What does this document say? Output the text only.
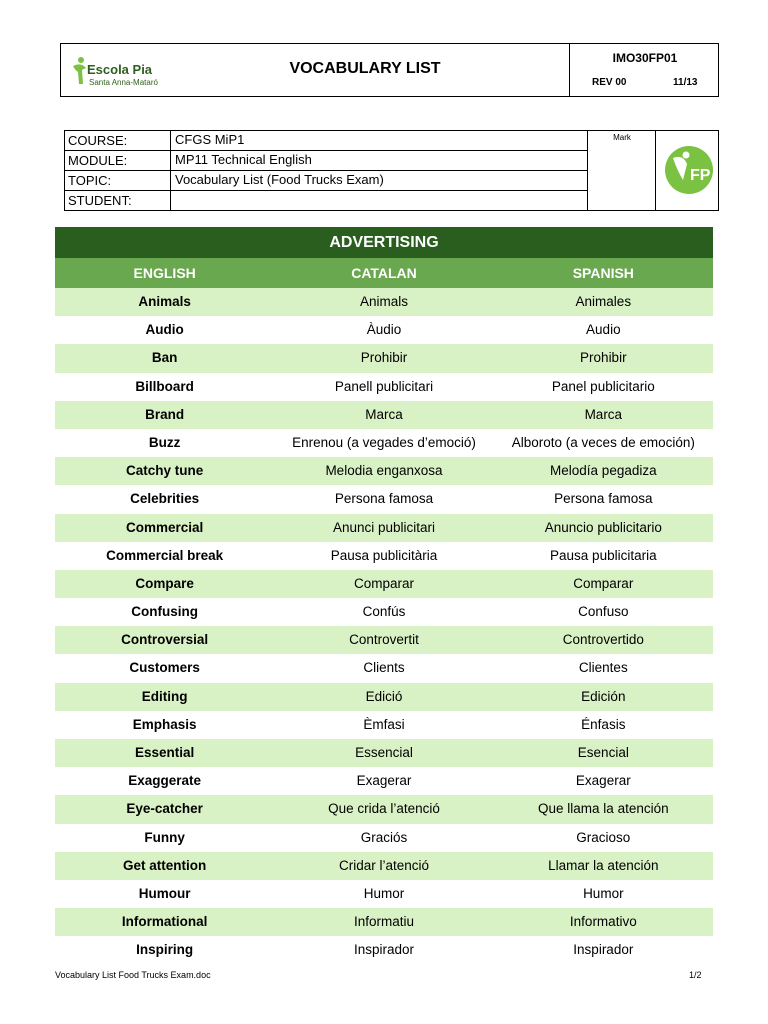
Escola Pia
Santa Anna-Mataró
VOCABULARY LIST
IMO30FP01
REV 00	11/13
COURSE:	CFGS MiP1
MODULE:	MP11 Technical English
TOPIC:	Vocabulary List (Food Trucks Exam)
STUDENT:
Mark
FP
ADVERTISING
ENGLISH	CATALAN	SPANISH
Animals	Animals	Animales
Audio	Àudio	Audio
Ban	Prohibir	Prohibir
Billboard	Panell publicitari	Panel publicitario
Brand	Marca	Marca
Buzz	Enrenou (a vegades d’emoció)	Alboroto (a veces de emoción)
Catchy tune	Melodia enganxosa	Melodía pegadiza
Celebrities	Persona famosa	Persona famosa
Commercial	Anunci publicitari	Anuncio publicitario
Commercial break	Pausa publicitària	Pausa publicitaria
Compare	Comparar	Comparar
Confusing	Confús	Confuso
Controversial	Controvertit	Controvertido
Customers	Clients	Clientes
Editing	Edició	Edición
Emphasis	Èmfasi	Énfasis
Essential	Essencial	Esencial
Exaggerate	Exagerar	Exagerar
Eye-catcher	Que crida l’atenció	Que llama la atención
Funny	Graciós	Gracioso
Get attention	Cridar l’atenció	Llamar la atención
Humour	Humor	Humor
Informational	Informatiu	Informativo
Inspiring	Inspirador	Inspirador
Vocabulary List Food Trucks Exam.doc	1/2
